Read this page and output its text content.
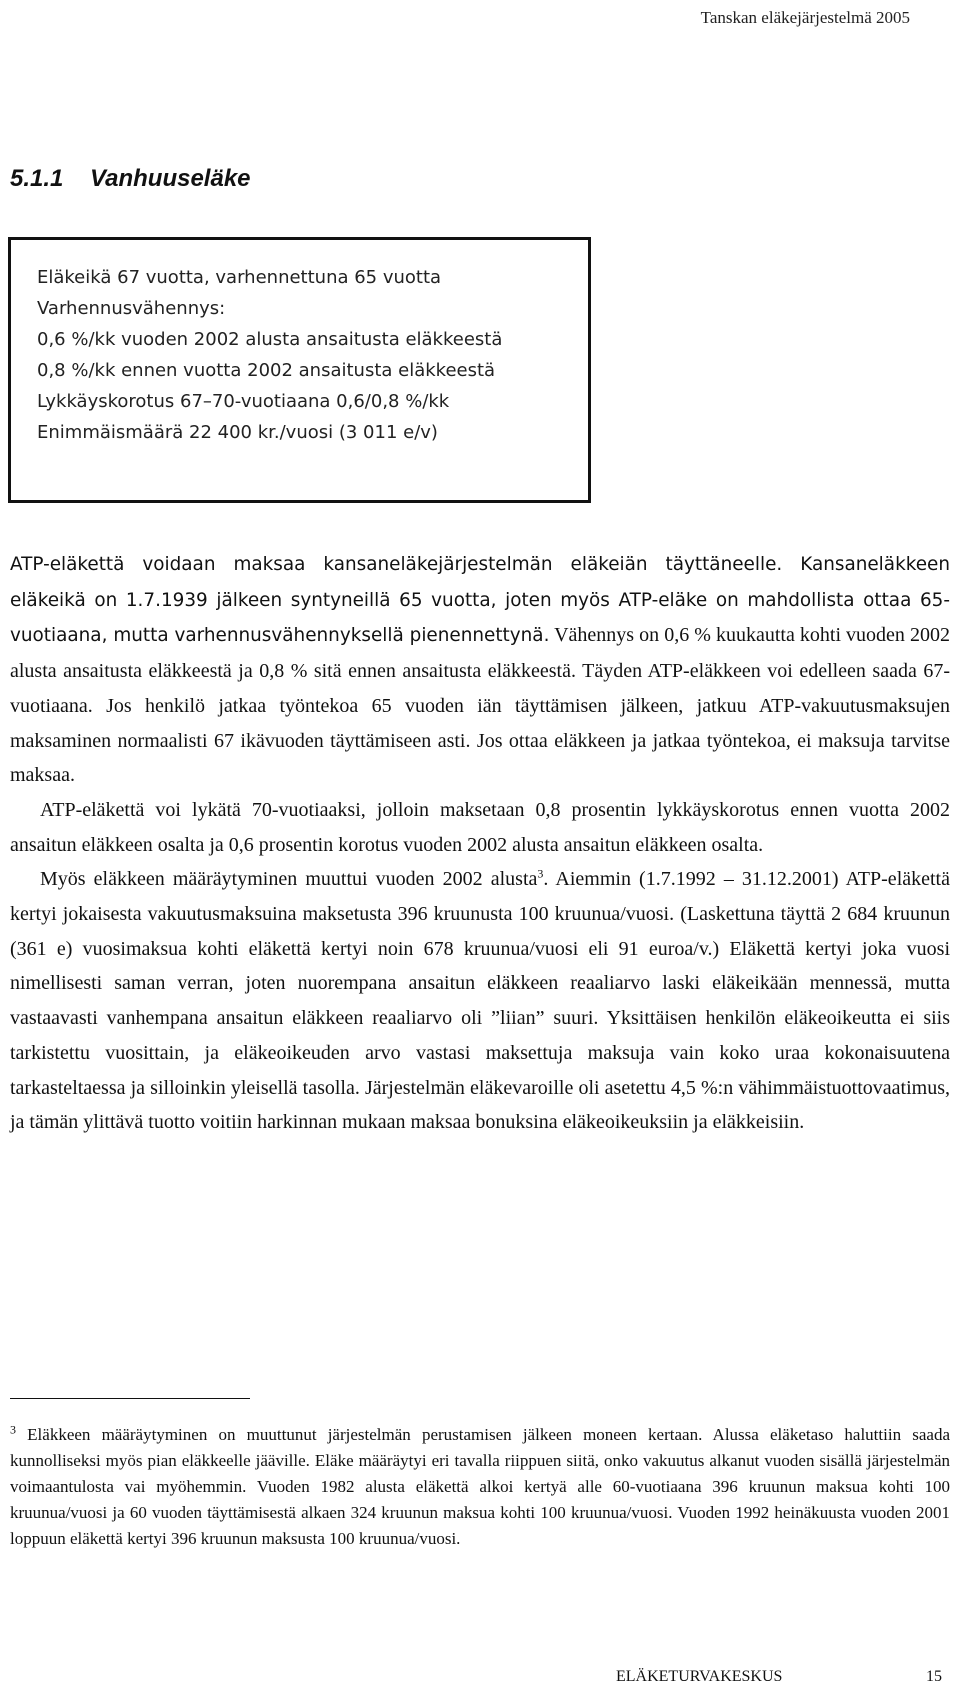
Tanskan eläkejärjestelmä 2005
5.1.1 Vanhuuseläke
Eläkeikä 67 vuotta, varhennettuna 65 vuotta
Varhennusvähennys:
0,6 %/kk vuoden 2002 alusta ansaitusta eläkkeestä
0,8 %/kk ennen vuotta 2002 ansaitusta eläkkeestä
Lykkäyskorotus 67–70-vuotiaana 0,6/0,8 %/kk
Enimmäismäärä 22 400 kr./vuosi (3 011 e/v)

ATP-eläkettä voidaan maksaa kansaneläkejärjestelmän eläkeiän täyttäneelle. Kansaneläkkeen eläkeikä on 1.7.1939 jälkeen syntyneillä 65 vuotta, joten myös ATP-eläke on mahdollista ottaa 65-vuotiaana, mutta varhennusvähennyksellä pienennettynä. Vähennys on 0,6 % kuukautta kohti vuoden 2002 alusta ansaitusta eläkkeestä ja 0,8 % sitä ennen ansaitusta eläkkeestä. Täyden ATP-eläkkeen voi edelleen saada 67-vuotiaana. Jos henkilö jatkaa työntekoa 65 vuoden iän täyttämisen jälkeen, jatkuu ATP-vakuutusmaksujen maksaminen normaalisti 67 ikävuoden täyttämiseen asti. Jos ottaa eläkkeen ja jatkaa työntekoa, ei maksuja tarvitse maksaa.

ATP-eläkettä voi lykätä 70-vuotiaaksi, jolloin maksetaan 0,8 prosentin lykkäyskorotus ennen vuotta 2002 ansaitun eläkkeen osalta ja 0,6 prosentin korotus vuoden 2002 alusta ansaitun eläkkeen osalta.

Myös eläkkeen määräytyminen muuttui vuoden 2002 alusta$^3$. Aiemmin (1.7.1992 – 31.12.2001) ATP-eläkettä kertyi jokaisesta vakuutusmaksuina maksetusta 396 kruunusta 100 kruunua/vuosi. (Laskettuna täyttä 2 684 kruunun (361 e) vuosimaksua kohti eläkettä kertyi noin 678 kruunua/vuosi eli 91 euroa/v.) Eläkettä kertyi joka vuosi nimellisesti saman verran, joten nuorempana ansaitun eläkkeen reaaliarvo laski eläkeikään mennessä, mutta vastaavasti vanhempana ansaitun eläkkeen reaaliarvo oli ”liian” suuri. Yksittäisen henkilön eläkeoikeutta ei siis tarkistettu vuosittain, ja eläkeoikeuden arvo vastasi maksettuja maksuja vain koko uraa kokonaisuutena tarkasteltaessa ja silloinkin yleisellä tasolla. Järjestelmän eläkevaroille oli asetettu 4,5 %:n vähimmäistuottovaatimus, ja tämän ylittävä tuotto voitiin harkinnan mukaan maksaa bonuksina eläkeoikeuksiin ja eläkkeisiin.

$^3$ Eläkkeen määräytyminen on muuttunut järjestelmän perustamisen jälkeen moneen kertaan. Alussa eläketaso haluttiin saada kunnolliseksi myös pian eläkkeelle jääville. Eläke määräytyi eri tavalla riippuen siitä, onko vakuutus alkanut vuoden sisällä järjestelmän voimaantulosta vai myöhemmin. Vuoden 1982 alusta eläkettä alkoi kertyä alle 60-vuotiaana 396 kruunun maksua kohti 100 kruunua/vuosi ja 60 vuoden täyttämisestä alkaen 324 kruunun maksua kohti 100 kruunua/vuosi. Vuoden 1992 heinäkuusta vuoden 2001 loppuun eläkettä kertyi 396 kruunun maksusta 100 kruunua/vuosi.
ELÄKETURVAKESKUS	15
